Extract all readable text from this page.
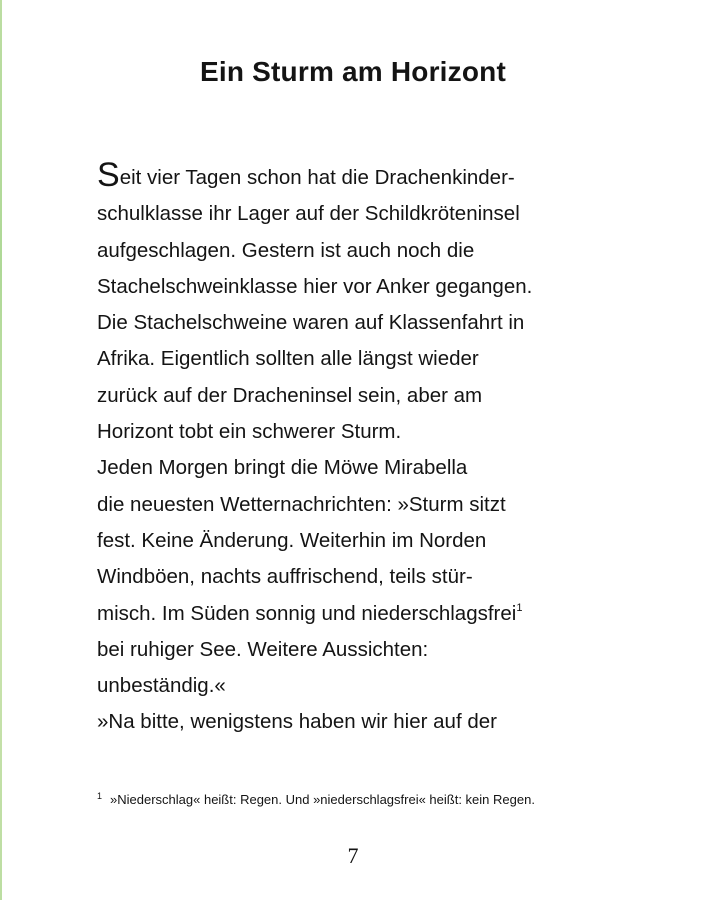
Ein Sturm am Horizont
Seit vier Tagen schon hat die Drachenkinder-
schulklasse ihr Lager auf der Schildkröteninsel
aufgeschlagen. Gestern ist auch noch die
Stachelschweinklasse hier vor Anker gegangen.
Die Stachelschweine waren auf Klassenfahrt in
Afrika. Eigentlich sollten alle längst wieder
zurück auf der Dracheninsel sein, aber am
Horizont tobt ein schwerer Sturm.
Jeden Morgen bringt die Möwe Mirabella
die neuesten Wetternachrichten: »Sturm sitzt
fest. Keine Änderung. Weiterhin im Norden
Windböen, nachts auffrischend, teils stür-
misch. Im Süden sonnig und niederschlagsfrei$^1$
bei ruhiger See. Weitere Aussichten:
unbeständig.«
»Na bitte, wenigstens haben wir hier auf der
$^1$ »Niederschlag« heißt: Regen. Und »niederschlagsfrei« heißt: kein Regen.
7
